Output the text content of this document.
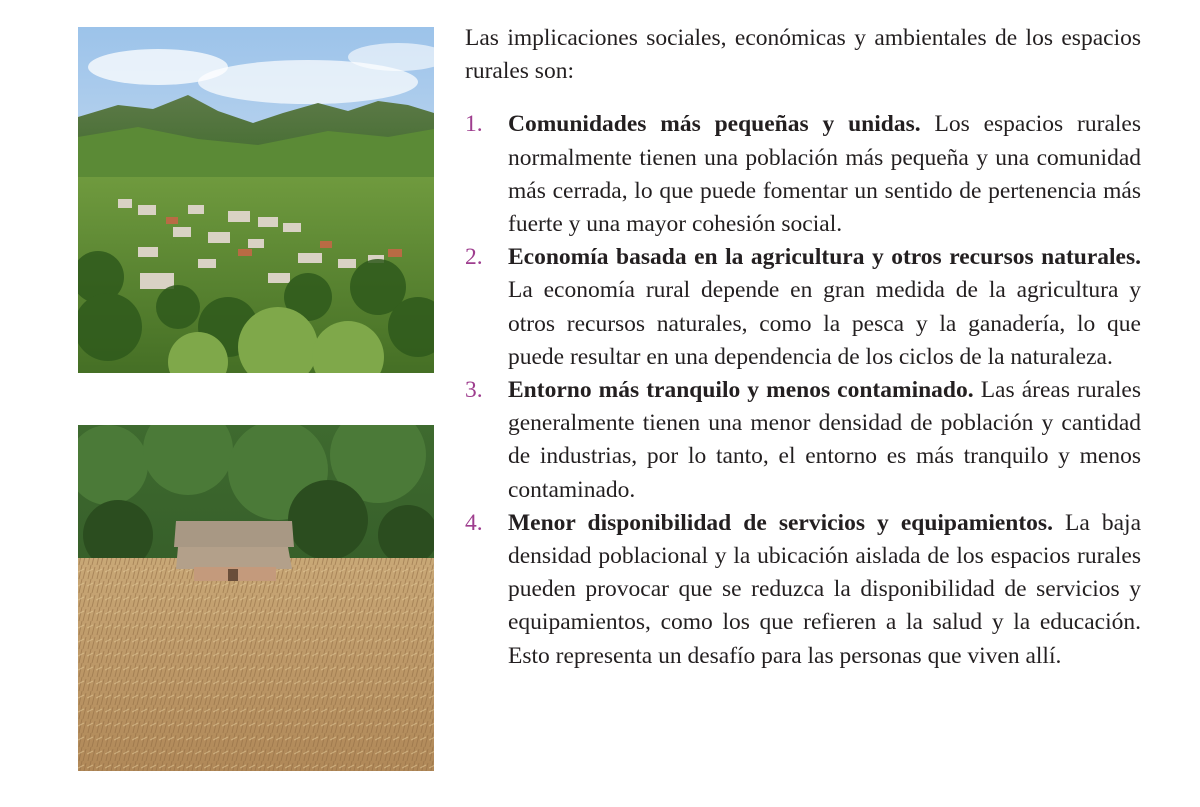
Las implicaciones sociales, económicas y ambientales de los espacios rurales son:

1. Comunidades más pequeñas y unidas. Los espacios rurales normalmente tienen una población más pequeña y una comunidad más cerrada, lo que puede fomentar un sentido de pertenencia más fuerte y una mayor cohesión social.
2. Economía basada en la agricultura y otros recursos naturales. La economía rural depende en gran medida de la agricultura y otros recursos naturales, como la pesca y la ganadería, lo que puede resultar en una dependencia de los ciclos de la naturaleza.
3. Entorno más tranquilo y menos contaminado. Las áreas rurales generalmente tienen una menor densidad de población y cantidad de industrias, por lo tanto, el entorno es más tranquilo y menos contaminado.
4. Menor disponibilidad de servicios y equipamientos. La baja densidad poblacional y la ubicación aislada de los espacios rurales pueden provocar que se reduzca la disponibilidad de servicios y equipamientos, como los que refieren a la salud y la educación. Esto representa un desafío para las personas que viven allí.
